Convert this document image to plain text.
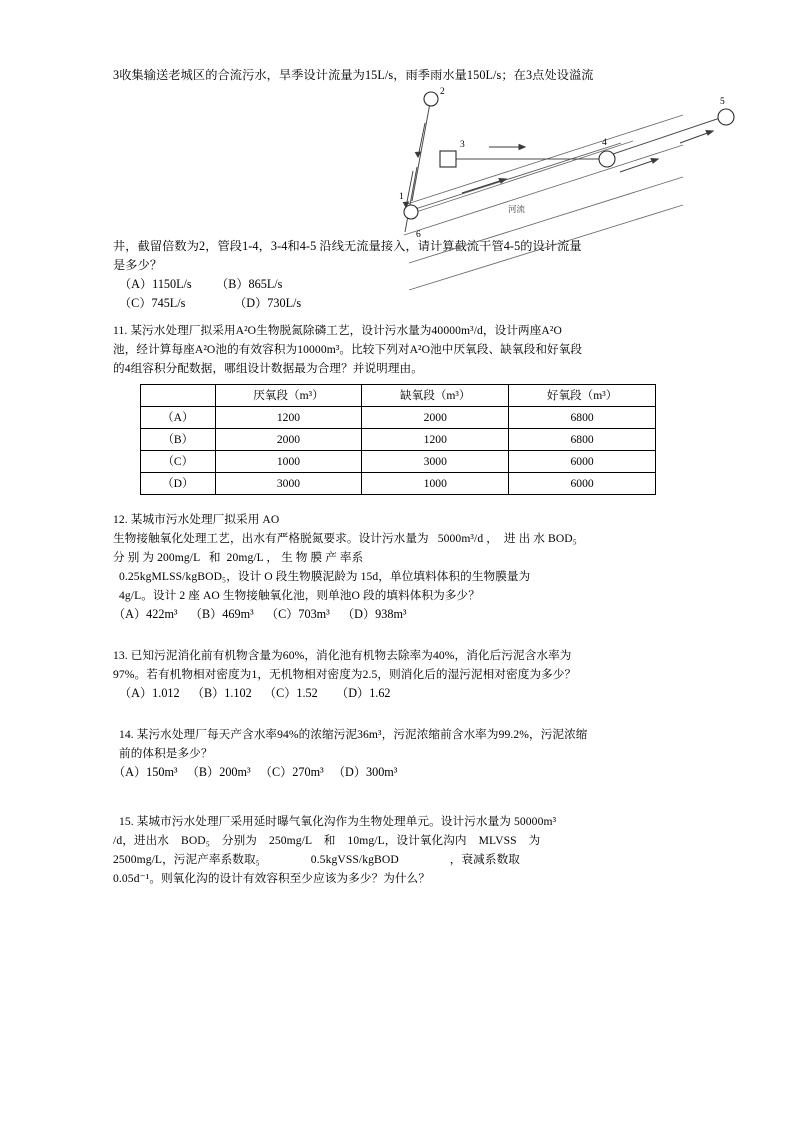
3收集输送老城区的合流污水，旱季设计流量为15L/s，雨季雨水量150L/s；在3点处设溢流
1
2
3	4
5
6
河流
井，截留倍数为2，管段1-4，3-4和4-5 沿线无流量接入，请计算截流干管4-5的设计流量
是多少？
（A）1150L/s        （B）865L/s
（C）745L/s                （D）730L/s
11. 某污水处理厂拟采用A²O生物脱氮除磷工艺，设计污水量为40000m³/d，设计两座A²O
池，经计算每座A²O池的有效容积为10000m³。比较下列对A²O池中厌氧段、缺氧段和好氧段
的4组容积分配数据，哪组设计数据最为合理？并说明理由。
	厌氧段（m³）	缺氧段（m³）	好氧段（m³）
（A）	1200	2000	6800
（B）	2000	1200	6800
（C）	1000	3000	6000
（D）	3000	1000	6000
12. 某城市污水处理厂拟采用 AO
生物接触氧化处理工艺，出水有严格脱氮要求。设计污水量为   5000m³/d ，  进 出 水 BOD₅
分 别 为 200mg/L   和  20mg/L ， 生 物 膜 产 率系
0.25kgMLSS/kgBOD₅，设计 O 段生物膜泥龄为 15d，单位填料体积的生物膜量为
4g/L。设计 2 座 AO 生物接触氧化池，则单池O 段的填料体积为多少？
（A）422m³    （B）469m³    （C）703m³    （D）938m³
13. 已知污泥消化前有机物含量为60%，消化池有机物去除率为40%，消化后污泥含水率为
97%。若有机物相对密度为1，无机物相对密度为2.5，则消化后的湿污泥相对密度为多少？
（A）1.012    （B）1.102    （C）1.52      （D）1.62
14. 某污水处理厂每天产含水率94%的浓缩污泥36m³，污泥浓缩前含水率为99.2%，污泥浓缩
前的体积是多少？
（A）150m³   （B）200m³   （C）270m³   （D）300m³
15. 某城市污水处理厂采用延时曝气氧化沟作为生物处理单元。设计污水量为 50000m³
/d，进出水    BOD₅    分别为    250mg/L    和    10mg/L，设计氧化沟内    MLVSS    为
2500mg/L，污泥产率系数取₅                 0.5kgVSS/kgBOD                 ，衰减系数取
0.05d⁻¹。则氧化沟的设计有效容积至少应该为多少？为什么？
